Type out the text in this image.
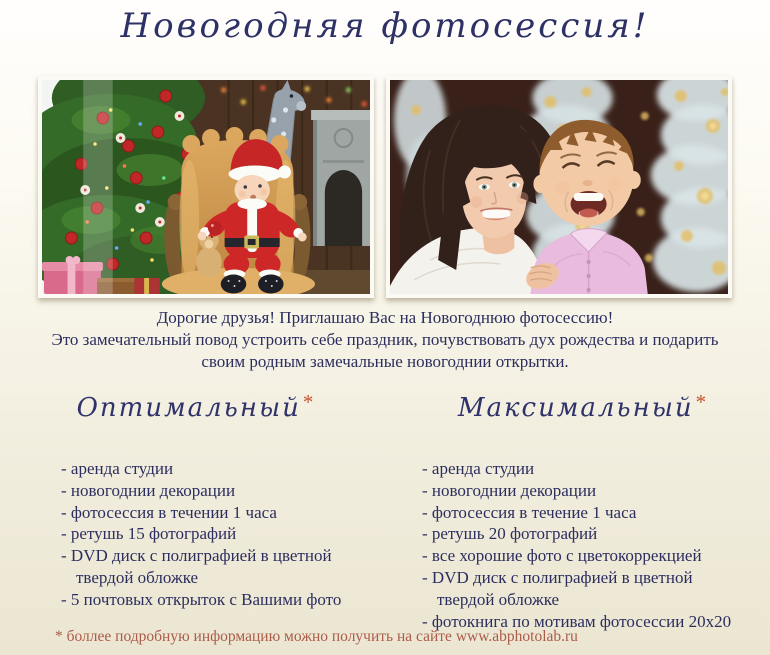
Новогодняя фотосессия!
Дорогие друзья! Приглашаю Вас на Новогоднюю фотосессию!
Это замечательный повод устроить себе праздник, почувствовать дух рождества и подарить
своим родным замечальные новогоднии открытки.
Оптимальный*
- аренда студии
- новогоднии декорации
- фотосессия в течении 1 часа
- ретушь 15 фотографий
- DVD диск с полиграфией в цветной твердой обложке
- 5 почтовых открыток с Вашими фото
Максимальный*
- аренда студии
- новогоднии декорации
- фотосессия в течение 1 часа
- ретушь 20 фотографий
- все хорошие фото с цветокоррекцией
- DVD диск с полиграфией в цветной твердой обложке
- фотокнига по мотивам фотосессии 20x20
* боллее подробную информацию можно получить на сайте www.abphotolab.ru
